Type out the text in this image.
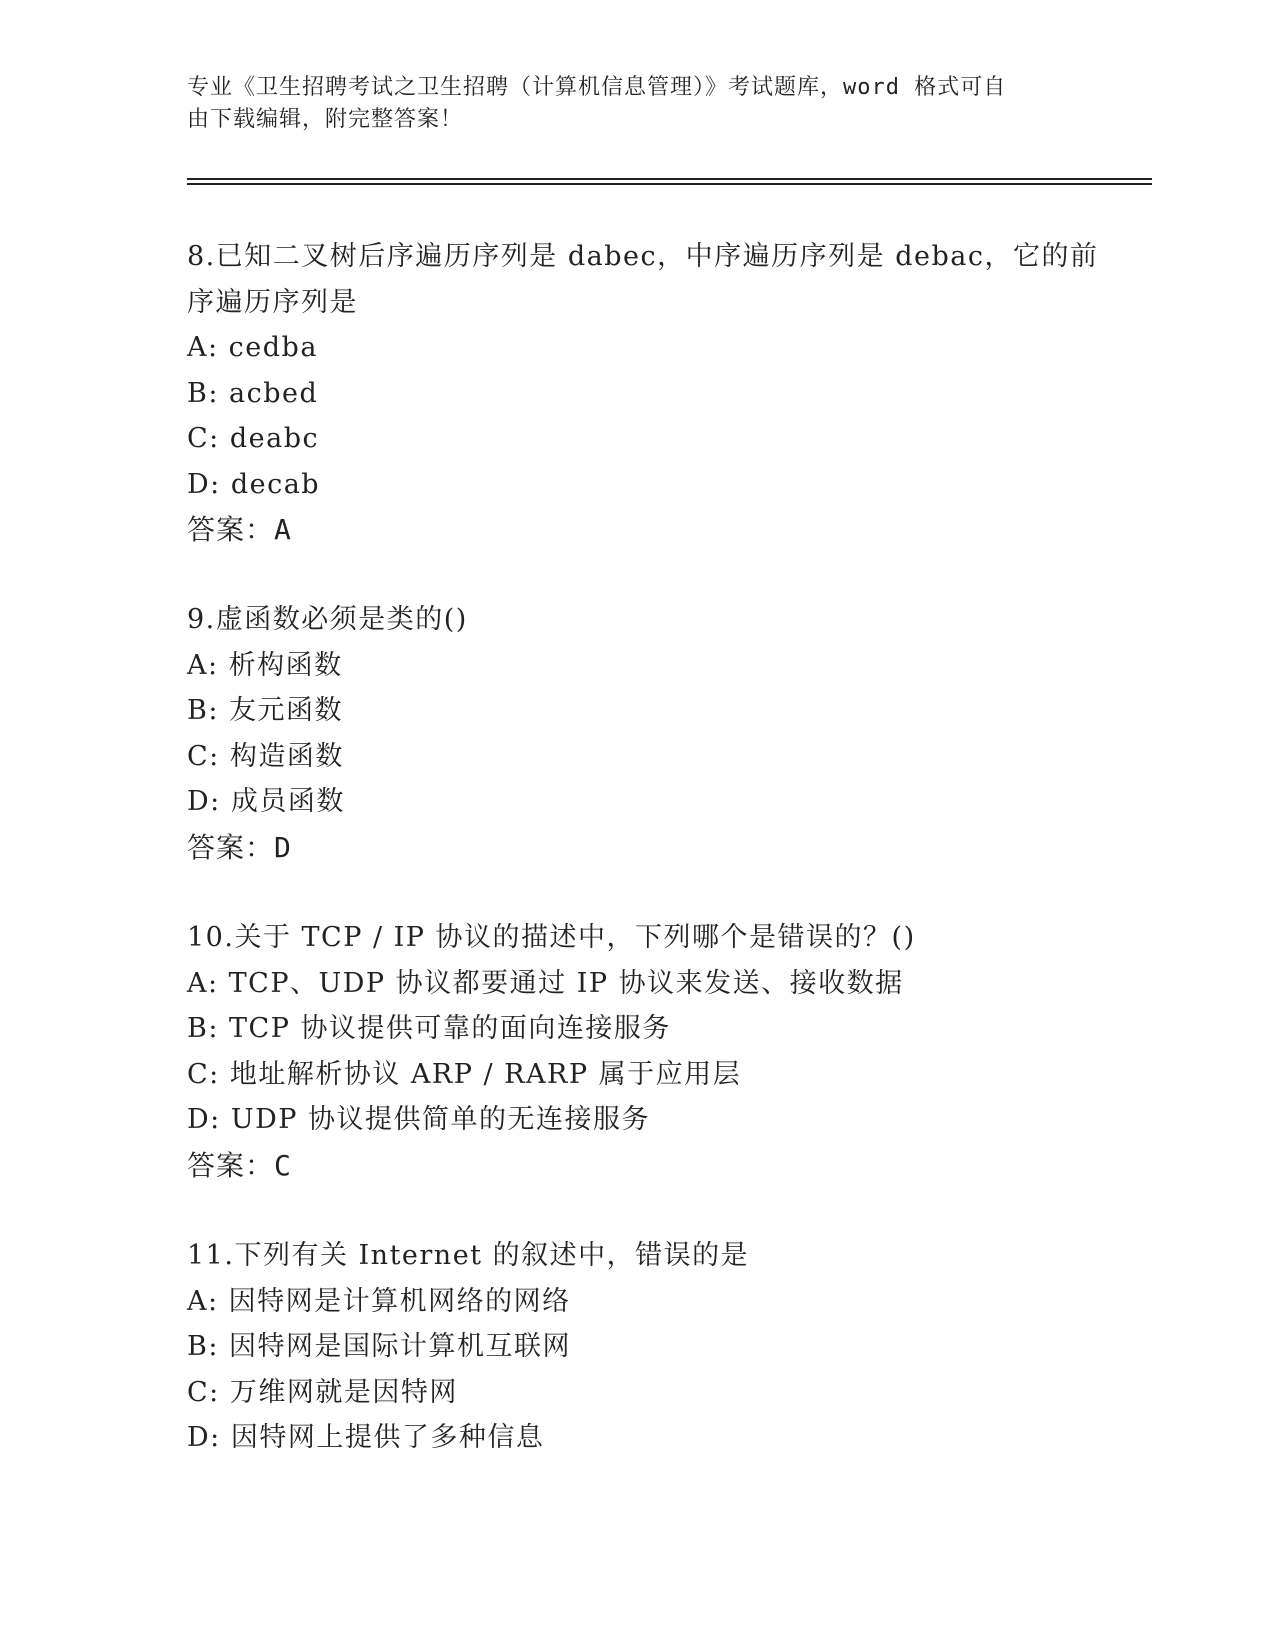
专业《卫生招聘考试之卫生招聘（计算机信息管理）》考试题库，word 格式可自
由下载编辑，附完整答案！
8.已知二叉树后序遍历序列是 dabec，中序遍历序列是 debac，它的前
序遍历序列是
A: cedba
B: acbed
C: deabc
D: decab
答案：A
9.虚函数必须是类的()
A: 析构函数
B: 友元函数
C: 构造函数
D: 成员函数
答案：D
10.关于 TCP / IP 协议的描述中，下列哪个是错误的？()
A: TCP、UDP 协议都要通过 IP 协议来发送、接收数据
B: TCP 协议提供可靠的面向连接服务
C: 地址解析协议 ARP / RARP 属于应用层
D: UDP 协议提供简单的无连接服务
答案：C
11.下列有关 Internet 的叙述中，错误的是
A: 因特网是计算机网络的网络
B: 因特网是国际计算机互联网
C: 万维网就是因特网
D: 因特网上提供了多种信息
